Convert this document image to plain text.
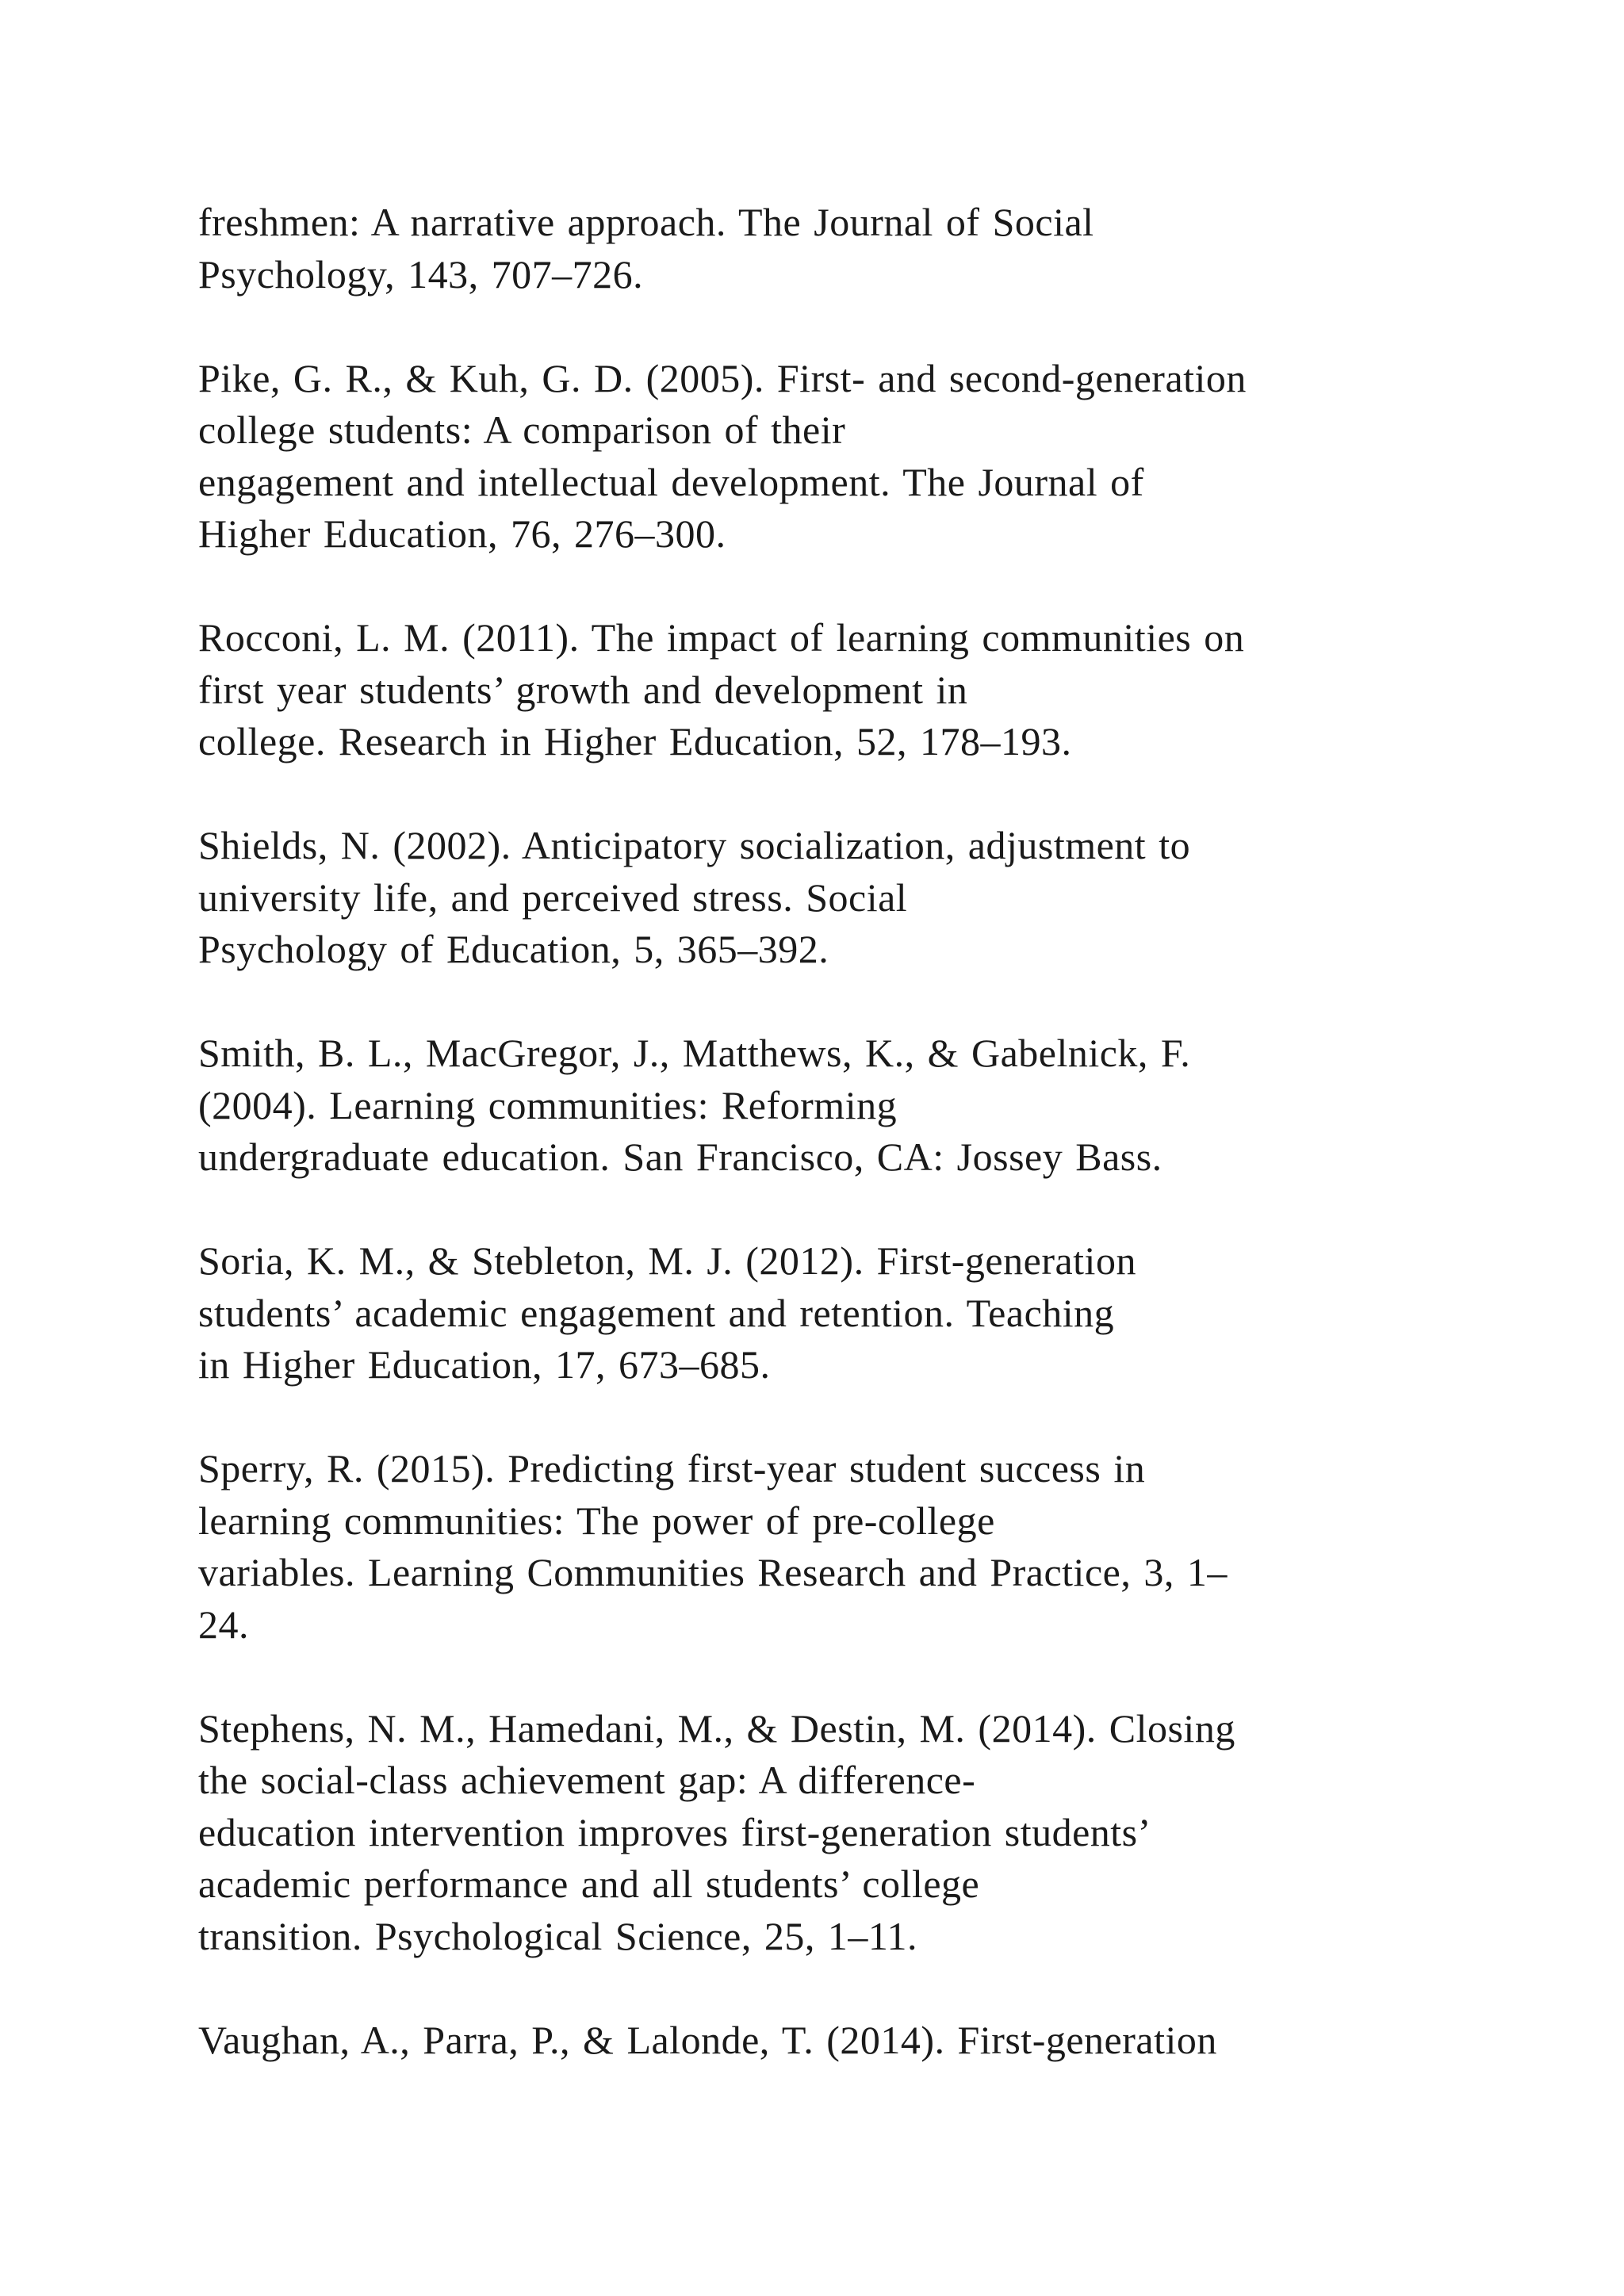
freshmen: A narrative approach. The Journal of Social
Psychology, 143, 707–726.
Pike, G. R., & Kuh, G. D. (2005). First- and second-generation
college students: A comparison of their
engagement and intellectual development. The Journal of
Higher Education, 76, 276–300.
Rocconi, L. M. (2011). The impact of learning communities on
first year students’ growth and development in
college. Research in Higher Education, 52, 178–193.
Shields, N. (2002). Anticipatory socialization, adjustment to
university life, and perceived stress. Social
Psychology of Education, 5, 365–392.
Smith, B. L., MacGregor, J., Matthews, K., & Gabelnick, F.
(2004). Learning communities: Reforming
undergraduate education. San Francisco, CA: Jossey Bass.
Soria, K. M., & Stebleton, M. J. (2012). First-generation
students’ academic engagement and retention. Teaching
in Higher Education, 17, 673–685.
Sperry, R. (2015). Predicting first-year student success in
learning communities: The power of pre-college
variables. Learning Communities Research and Practice, 3, 1–
24.
Stephens, N. M., Hamedani, M., & Destin, M. (2014). Closing
the social-class achievement gap: A difference-
education intervention improves first-generation students’
academic performance and all students’ college
transition. Psychological Science, 25, 1–11.
Vaughan, A., Parra, P., & Lalonde, T. (2014). First-generation
